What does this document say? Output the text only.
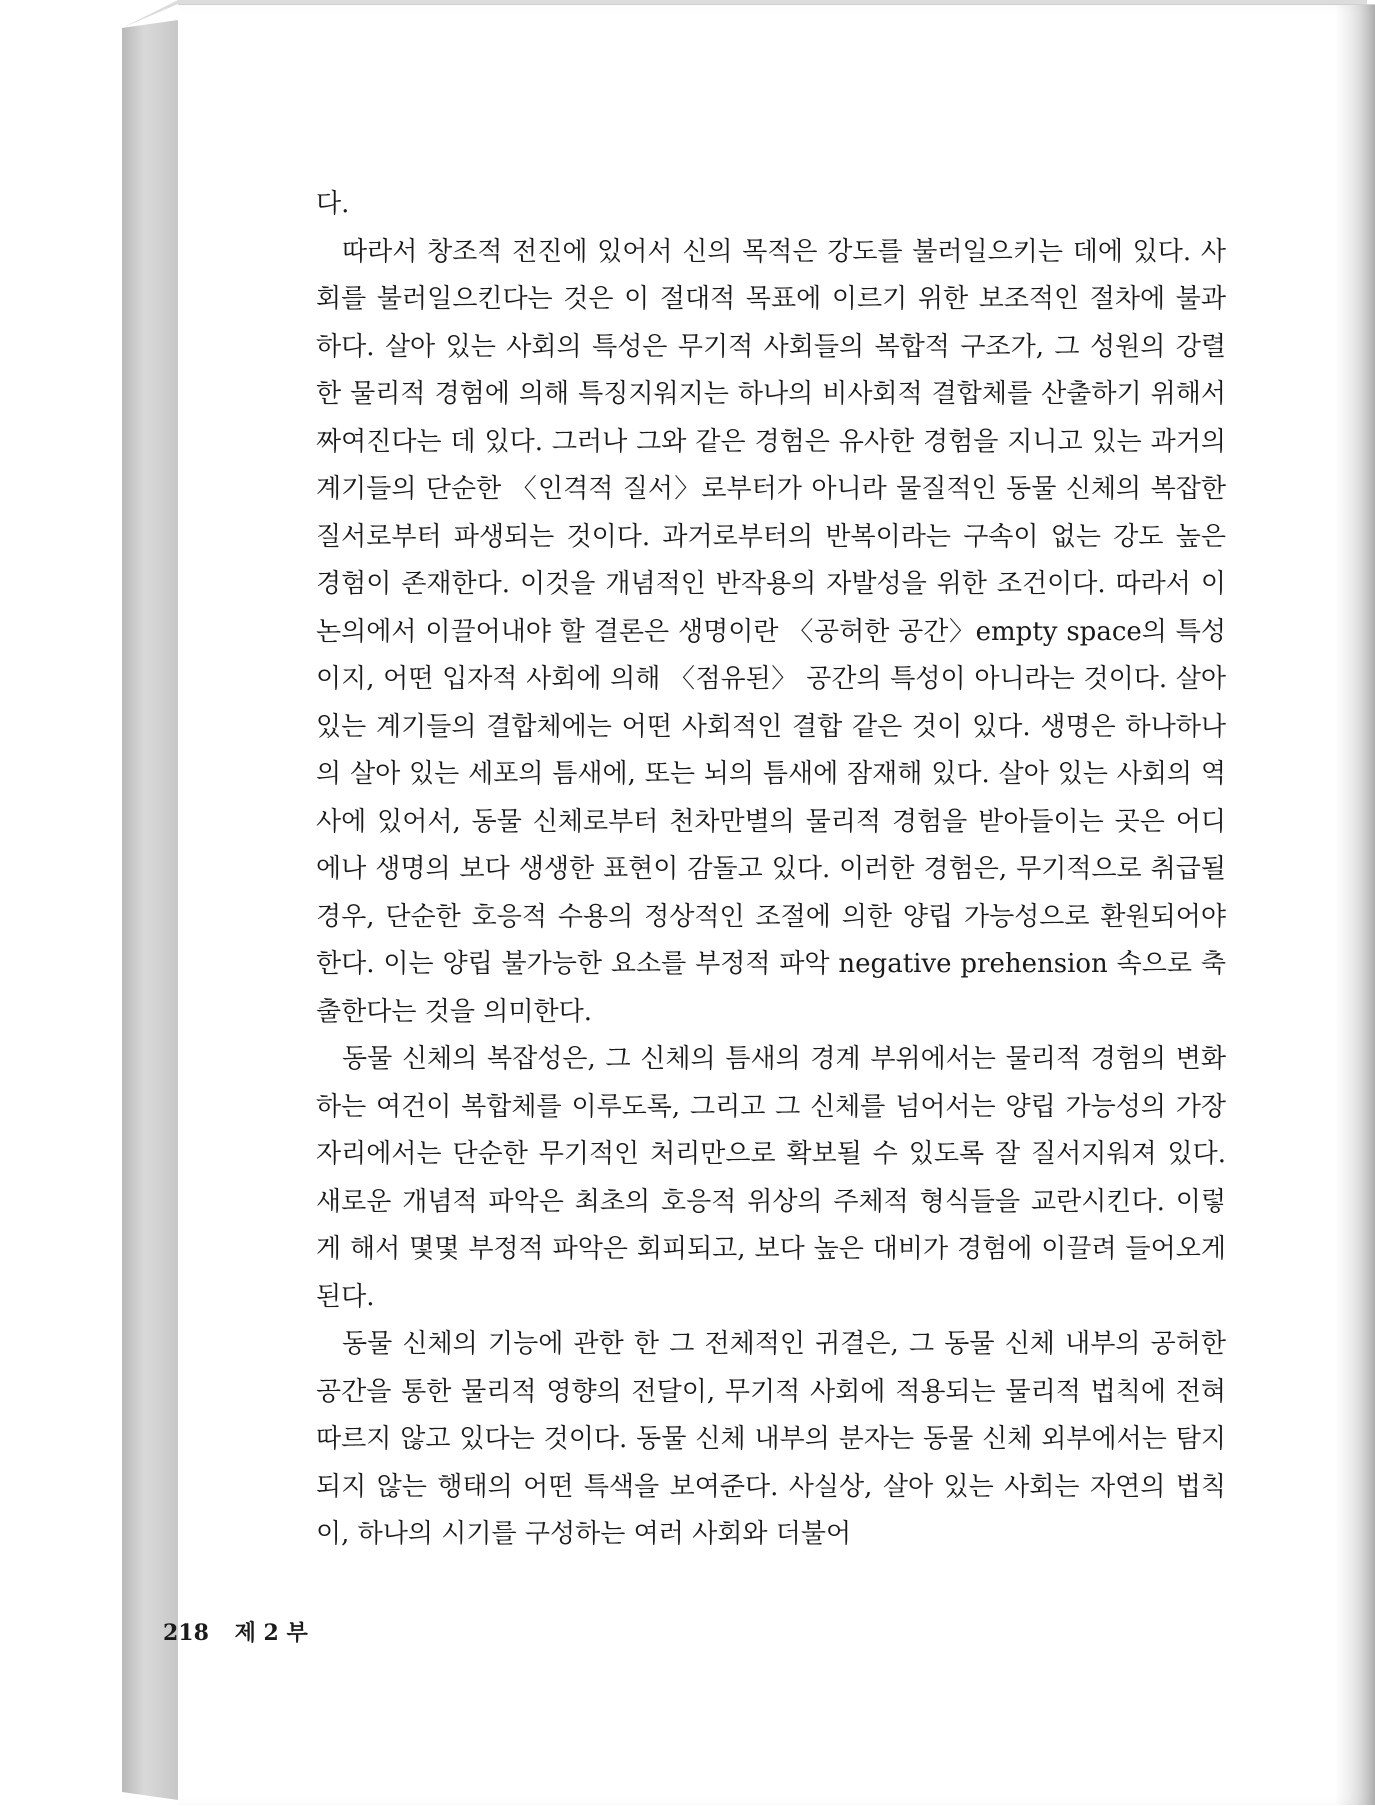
다.

따라서 창조적 전진에 있어서 신의 목적은 강도를 불러일으키는 데에 있다. 사회를 불러일으킨다는 것은 이 절대적 목표에 이르기 위한 보조적인 절차에 불과하다. 살아 있는 사회의 특성은 무기적 사회들의 복합적 구조가, 그 성원의 강렬한 물리적 경험에 의해 특징지워지는 하나의 비사회적 결합체를 산출하기 위해서 짜여진다는 데 있다. 그러나 그와 같은 경험은 유사한 경험을 지니고 있는 과거의 계기들의 단순한 〈인격적 질서〉로부터가 아니라 물질적인 동물 신체의 복잡한 질서로부터 파생되는 것이다. 과거로부터의 반복이라는 구속이 없는 강도 높은 경험이 존재한다. 이것을 개념적인 반작용의 자발성을 위한 조건이다. 따라서 이 논의에서 이끌어내야 할 결론은 생명이란 〈공허한 공간〉empty space의 특성이지, 어떤 입자적 사회에 의해 〈점유된〉 공간의 특성이 아니라는 것이다. 살아 있는 계기들의 결합체에는 어떤 사회적인 결합 같은 것이 있다. 생명은 하나하나의 살아 있는 세포의 틈새에, 또는 뇌의 틈새에 잠재해 있다. 살아 있는 사회의 역사에 있어서, 동물 신체로부터 천차만별의 물리적 경험을 받아들이는 곳은 어디에나 생명의 보다 생생한 표현이 감돌고 있다. 이러한 경험은, 무기적으로 취급될 경우, 단순한 호응적 수용의 정상적인 조절에 의한 양립 가능성으로 환원되어야 한다. 이는 양립 불가능한 요소를 부정적 파악 negative prehension 속으로 축출한다는 것을 의미한다.

동물 신체의 복잡성은, 그 신체의 틈새의 경계 부위에서는 물리적 경험의 변화하는 여건이 복합체를 이루도록, 그리고 그 신체를 넘어서는 양립 가능성의 가장자리에서는 단순한 무기적인 처리만으로 확보될 수 있도록 잘 질서지워져 있다. 새로운 개념적 파악은 최초의 호응적 위상의 주체적 형식들을 교란시킨다. 이렇게 해서 몇몇 부정적 파악은 회피되고, 보다 높은 대비가 경험에 이끌려 들어오게 된다.

동물 신체의 기능에 관한 한 그 전체적인 귀결은, 그 동물 신체 내부의 공허한 공간을 통한 물리적 영향의 전달이, 무기적 사회에 적용되는 물리적 법칙에 전혀 따르지 않고 있다는 것이다. 동물 신체 내부의 분자는 동물 신체 외부에서는 탐지되지 않는 행태의 어떤 특색을 보여준다. 사실상, 살아 있는 사회는 자연의 법칙이, 하나의 시기를 구성하는 여러 사회와 더불어

218 제 2 부
